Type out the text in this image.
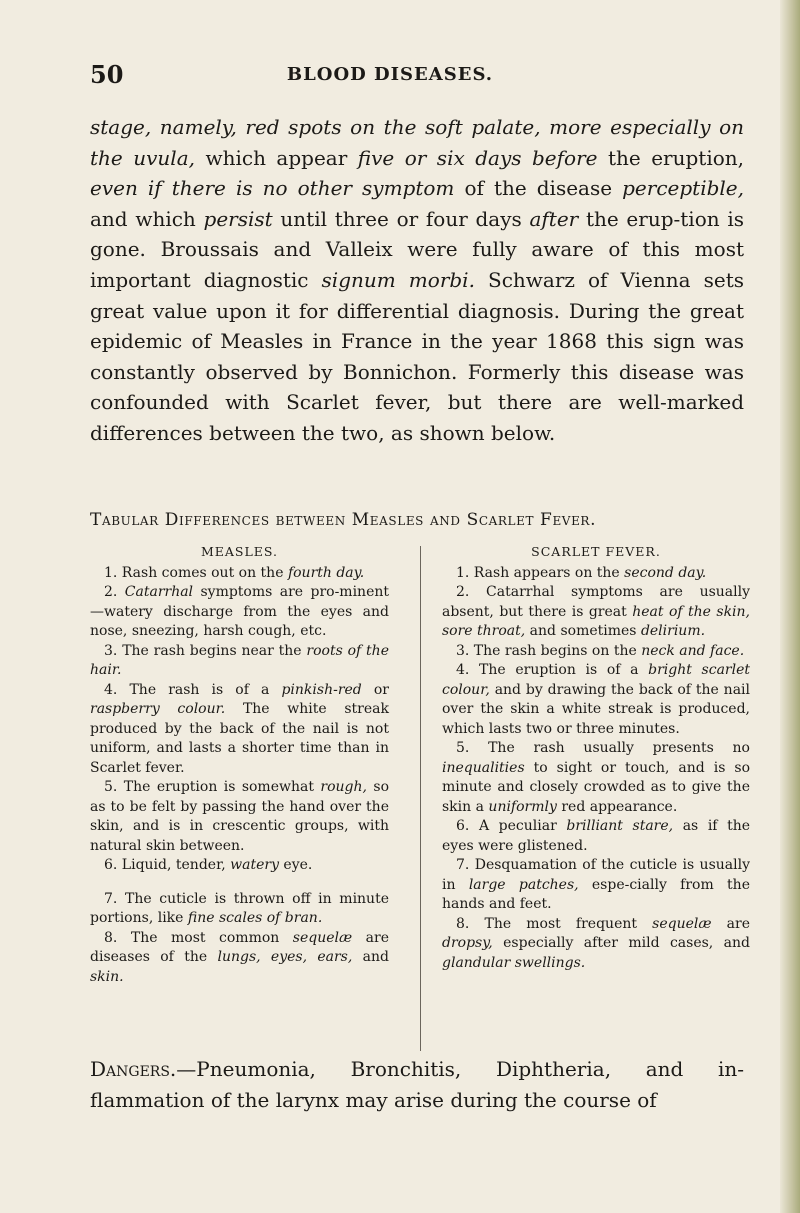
50	BLOOD DISEASES.

stage, namely, red spots on the soft palate, more especially on the uvula, which appear five or six days before the eruption, even if there is no other symptom of the disease perceptible, and which persist until three or four days after the erup-tion is gone. Broussais and Valleix were fully aware of this most important diagnostic signum morbi. Schwarz of Vienna sets great value upon it for differential diagnosis. During the great epidemic of Measles in France in the year 1868 this sign was constantly observed by Bonnichon. Formerly this disease was confounded with Scarlet fever, but there are well-marked differences between the two, as shown below.

Tabular Differences between Measles and Scarlet Fever.
MEASLES.

1. Rash comes out on the fourth day.

2. Catarrhal symptoms are pro-minent—watery discharge from the eyes and nose, sneezing, harsh cough, etc.

3. The rash begins near the roots of the hair.

4. The rash is of a pinkish-red or raspberry colour. The white streak produced by the back of the nail is not uniform, and lasts a shorter time than in Scarlet fever.

5. The eruption is somewhat rough, so as to be felt by passing the hand over the skin, and is in crescentic groups, with natural skin between.

6. Liquid, tender, watery eye.

7. The cuticle is thrown off in minute portions, like fine scales of bran.

8. The most common sequelæ are diseases of the lungs, eyes, ears, and skin.

SCARLET FEVER.

1. Rash appears on the second day.

2. Catarrhal symptoms are usually absent, but there is great heat of the skin, sore throat, and sometimes delirium.

3. The rash begins on the neck and face.

4. The eruption is of a bright scarlet colour, and by drawing the back of the nail over the skin a white streak is produced, which lasts two or three minutes.

5. The rash usually presents no inequalities to sight or touch, and is so minute and closely crowded as to give the skin a uniformly red appearance.

6. A peculiar brilliant stare, as if the eyes were glistened.

7. Desquamation of the cuticle is usually in large patches, espe-cially from the hands and feet.

8. The most frequent sequelæ are dropsy, especially after mild cases, and glandular swellings.

Dangers.—Pneumonia, Bronchitis, Diphtheria, and in-flammation of the larynx may arise during the course of
